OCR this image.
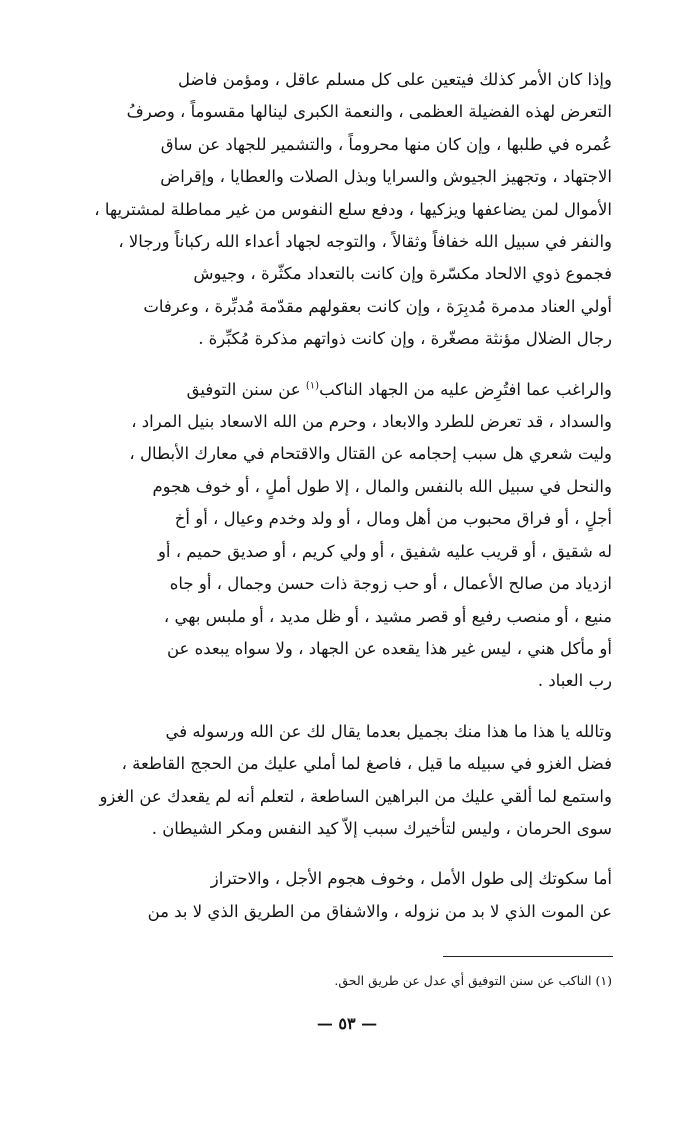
وإذا كان الأمر كذلك فيتعين على كل مسلم عاقل ، ومؤمن فاضل
التعرض لهذه الفضيلة العظمى ، والنعمة الكبرى لينالها مقسوماً ، وصرفُ
عُمره في طلبها ، وإن كان منها محروماً ، والتشمير للجهاد عن ساق
الاجتهاد ، وتجهيز الجيوش والسرايا وبذل الصلات والعطايا ، وإقراض
الأموال لمن يضاعفها ويزكيها ، ودفع سلع النفوس من غير مماطلة لمشتريها ،
والنفر في سبيل الله خفافاً وثقالاً ، والتوجه لجهاد أعداء الله ركباناً ورجالا ،
فجموع ذوي الالحاد مكسّرة وإن كانت بالتعداد مكثّرة ، وجيوش
أولي العناد مدمرة مُدبِرَة ، وإن كانت بعقولهم مقدّمة مُدبِّرة ، وعرفات
رجال الضلال مؤنثة مصغّرة ، وإن كانت ذواتهم مذكرة مُكبِّرة .

والراغب عما افتُرِض عليه من الجهاد الناكب$^{(١)}$ عن سنن التوفيق
والسداد ، قد تعرض للطرد والابعاد ، وحرم من الله الاسعاد بنيل المراد ،
وليت شعري هل سبب إحجامه عن القتال والاقتحام في معارك الأبطال ،
والنحل في سبيل الله بالنفس والمال ، إلا طول أملٍ ، أو خوف هجوم
أجلٍ ، أو فراق محبوب من أهل ومال ، أو ولد وخدم وعيال ، أو أخ
له شقيق ، أو قريب عليه شفيق ، أو ولي كريم ، أو صديق حميم ، أو
ازدياد من صالح الأعمال ، أو حب زوجة ذات حسن وجمال ، أو جاه
منيع ، أو منصب رفيع أو قصر مشيد ، أو ظل مديد ، أو ملبس بهي ،
أو مأكل هني ، ليس غير هذا يقعده عن الجهاد ، ولا سواه يبعده عن
رب العباد .

وتالله يا هذا ما هذا منك بجميل بعدما يقال لك عن الله ورسوله في
فضل الغزو في سبيله ما قيل ، فاصغ لما أملي عليك من الحجج القاطعة ،
واستمع لما ألقي عليك من البراهين الساطعة ، لتعلم أنه لم يقعدك عن الغزو
سوى الحرمان ، وليس لتأخيرك سبب إلاّ كيد النفس ومكر الشيطان .

أما سكوتك إلى طول الأمل ، وخوف هجوم الأجل ، والاحتراز
عن الموت الذي لا بد من نزوله ، والاشفاق من الطريق الذي لا بد من

(١) الناكب عن سنن التوفيق أي عدل عن طريق الحق.
— ٥٣ —
